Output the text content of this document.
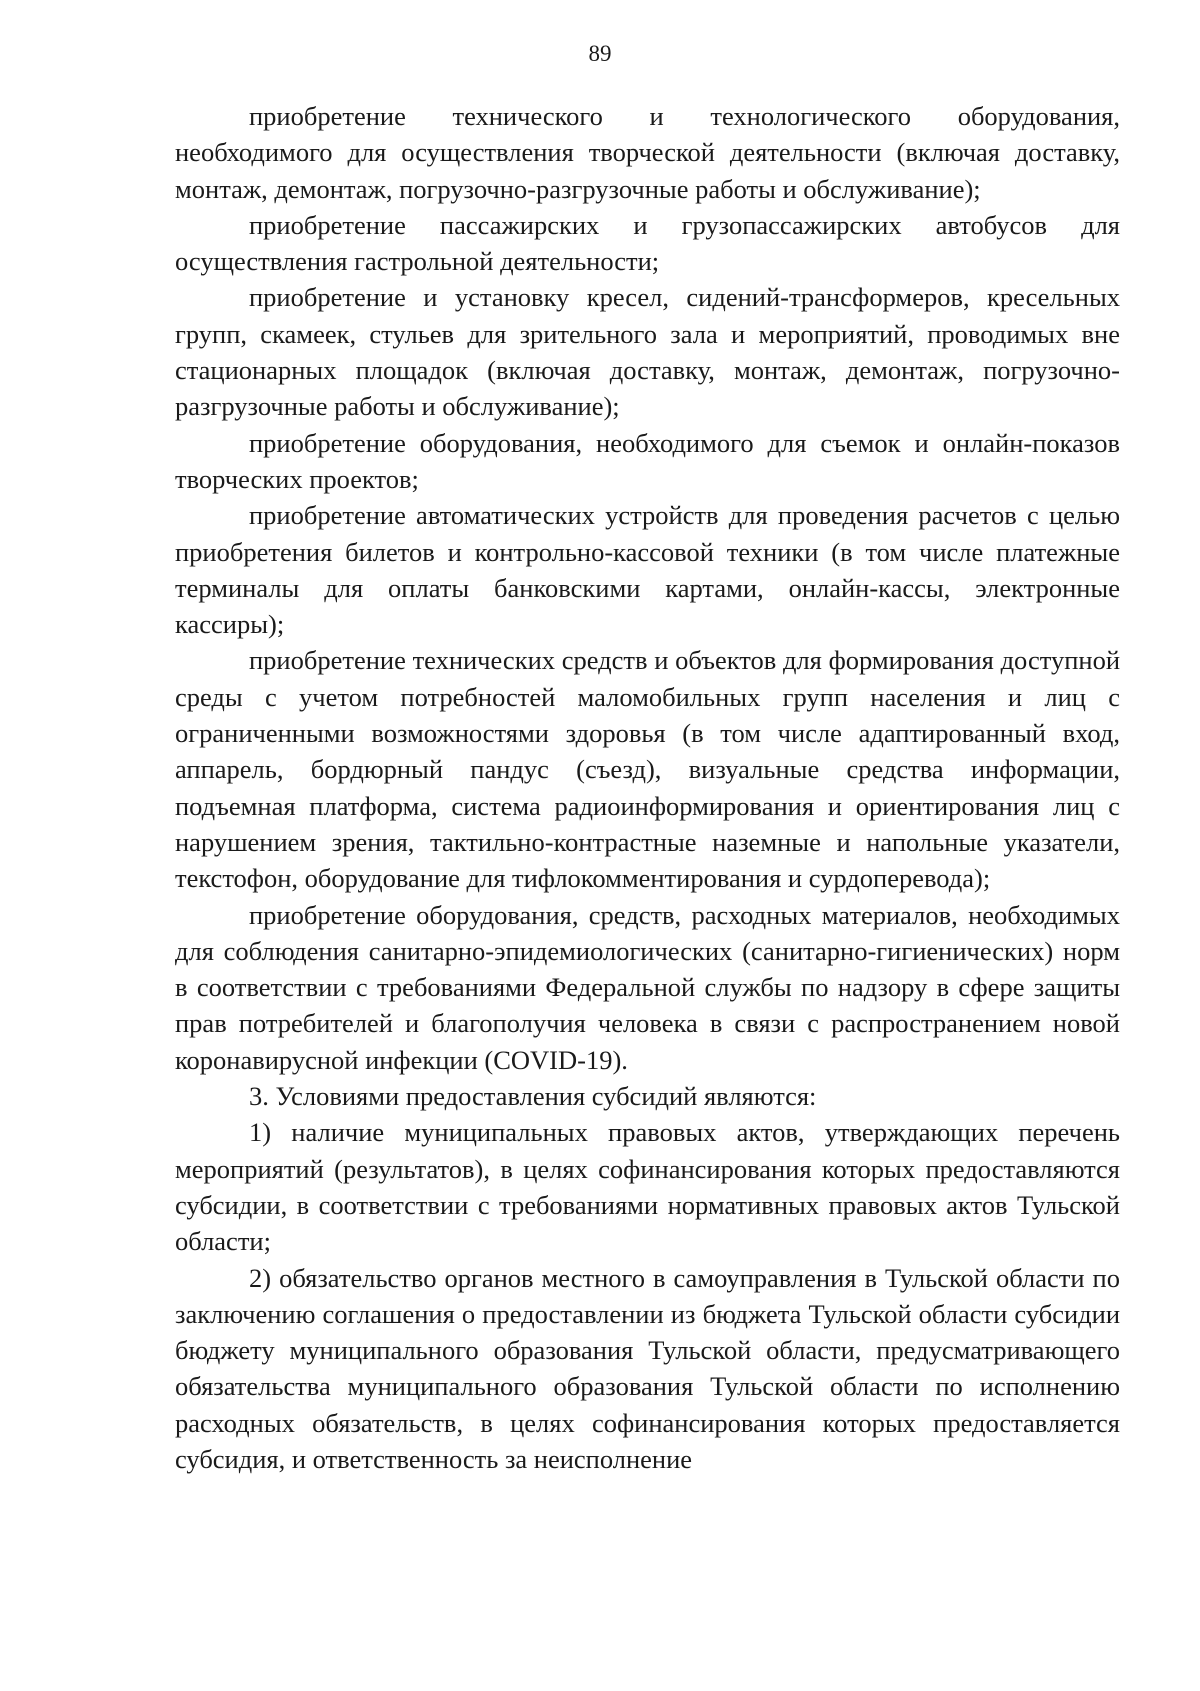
89

приобретение технического и технологического оборудования, необходимого для осуществления творческой деятельности (включая доставку, монтаж, демонтаж, погрузочно-разгрузочные работы и обслуживание);

приобретение пассажирских и грузопассажирских автобусов для осуществления гастрольной деятельности;

приобретение и установку кресел, сидений-трансформеров, кресельных групп, скамеек, стульев для зрительного зала и мероприятий, проводимых вне стационарных площадок (включая доставку, монтаж, демонтаж, погрузочно-разгрузочные работы и обслуживание);

приобретение оборудования, необходимого для съемок и онлайн-показов творческих проектов;

приобретение автоматических устройств для проведения расчетов с целью приобретения билетов и контрольно-кассовой техники (в том числе платежные терминалы для оплаты банковскими картами, онлайн-кассы, электронные кассиры);

приобретение технических средств и объектов для формирования доступной среды с учетом потребностей маломобильных групп населения и лиц с ограниченными возможностями здоровья (в том числе адаптированный вход, аппарель, бордюрный пандус (съезд), визуальные средства информации, подъемная платформа, система радиоинформирования и ориентирования лиц с нарушением зрения, тактильно-контрастные наземные и напольные указатели, текстофон, оборудование для тифлокомментирования и сурдоперевода);

приобретение оборудования, средств, расходных материалов, необходимых для соблюдения санитарно-эпидемиологических (санитарно-гигиенических) норм в соответствии с требованиями Федеральной службы по надзору в сфере защиты прав потребителей и благополучия человека в связи с распространением новой коронавирусной инфекции (COVID-19).

3. Условиями предоставления субсидий являются:

1) наличие муниципальных правовых актов, утверждающих перечень мероприятий (результатов), в целях софинансирования которых предоставляются субсидии, в соответствии с требованиями нормативных правовых актов Тульской области;

2) обязательство органов местного в самоуправления в Тульской области по заключению соглашения о предоставлении из бюджета Тульской области субсидии бюджету муниципального образования Тульской области, предусматривающего обязательства муниципального образования Тульской области по исполнению расходных обязательств, в целях софинансирования которых предоставляется субсидия, и ответственность за неисполнение
